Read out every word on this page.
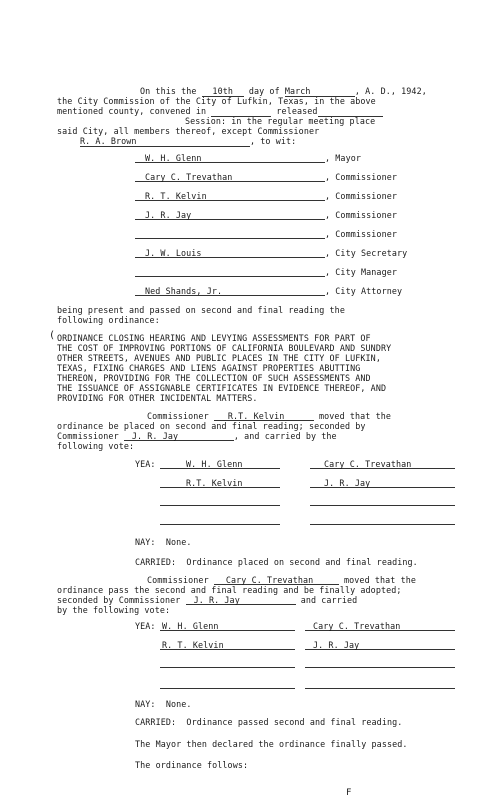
On this the 10th day of March	, A. D., 1942,
the City Commission of the City of Lufkin, Texas, in the above
mentioned county, convened in	released
Session: in the regular meeting place
said City, all members thereof, except Commissioner
R. A. Brown	, to wit:
W. H. Glenn	, Mayor
Cary C. Trevathan	, Commissioner
R. T. Kelvin	, Commissioner
J. R. Jay	, Commissioner
, Commissioner
J. W. Louis	, City Secretary
, City Manager
Ned Shands, Jr.	, City Attorney
being present and passed on second and final reading the
following ordinance:
( ORDINANCE CLOSING HEARING AND LEVYING ASSESSMENTS FOR PART OF
THE COST OF IMPROVING PORTIONS OF CALIFORNIA BOULEVARD AND SUNDRY
OTHER STREETS, AVENUES AND PUBLIC PLACES IN THE CITY OF LUFKIN,
TEXAS, FIXING CHARGES AND LIENS AGAINST PROPERTIES ABUTTING
THEREON, PROVIDING FOR THE COLLECTION OF SUCH ASSESSMENTS AND
THE ISSUANCE OF ASSIGNABLE CERTIFICATES IN EVIDENCE THEREOF, AND
PROVIDING FOR OTHER INCIDENTAL MATTERS.
Commissioner R.T. Kelvin	moved that the
ordinance be placed on second and final reading; seconded by
Commissioner J. R. Jay	, and carried by the
following vote:
YEA:	W. H. Glenn	Cary C. Trevathan
R.T. Kelvin	J. R. Jay
NAY:  None.
CARRIED:  Ordinance placed on second and final reading.
Commissioner Cary C. Trevathan	moved that the
ordinance pass the second and final reading and be finally adopted;
seconded by Commissioner J. R. Jay	and carried
by the following vote:
YEA: W. H. Glenn	Cary C. Trevathan
R. T. Kelvin	J. R. Jay
NAY:  None.
CARRIED:  Ordinance passed second and final reading.
The Mayor then declared the ordinance finally passed.
The ordinance follows:
F
